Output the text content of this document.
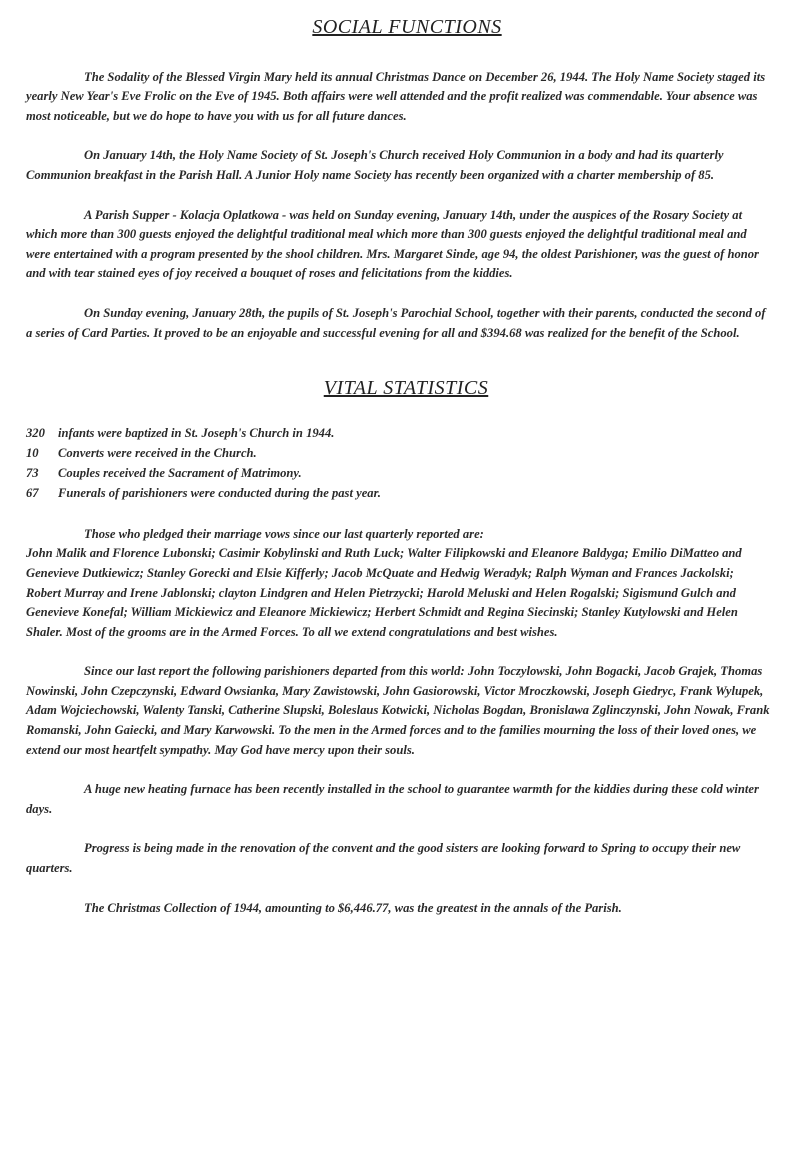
SOCIAL FUNCTIONS

The Sodality of the Blessed Virgin Mary held its annual Christmas Dance on December 26, 1944. The Holy Name Society staged its yearly New Year's Eve Frolic on the Eve of 1945. Both affairs were well attended and the profit realized was commendable. Your absence was most noticeable, but we do hope to have you with us for all future dances.

On January 14th, the Holy Name Society of St. Joseph's Church received Holy Communion in a body and had its quarterly Communion breakfast in the Parish Hall. A Junior Holy name Society has recently been organized with a charter membership of 85.

A Parish Supper - Kolacja Oplatkowa - was held on Sunday evening, January 14th, under the auspices of the Rosary Society at which more than 300 guests enjoyed the delightful traditional meal which more than 300 guests enjoyed the delightful traditional meal and were entertained with a program presented by the shool children. Mrs. Margaret Sinde, age 94, the oldest Parishioner, was the guest of honor and with tear stained eyes of joy received a bouquet of roses and felicitations from the kiddies.

On Sunday evening, January 28th, the pupils of St. Joseph's Parochial School, together with their parents, conducted the second of a series of Card Parties. It proved to be an enjoyable and successful evening for all and $394.68 was realized for the benefit of the School.

VITAL STATISTICS
320	infants were baptized in St. Joseph's Church in 1944.
10	Converts were received in the Church.
73	Couples received the Sacrament of Matrimony.
67	Funerals of parishioners were conducted during the past year.

Those who pledged their marriage vows since our last quarterly reported are:
John Malik and Florence Lubonski; Casimir Kobylinski and Ruth Luck; Walter Filipkowski and Eleanore Baldyga; Emilio DiMatteo and Genevieve Dutkiewicz; Stanley Gorecki and Elsie Kifferly; Jacob McQuate and Hedwig Weradyk; Ralph Wyman and Frances Jackolski; Robert Murray and Irene Jablonski; clayton Lindgren and Helen Pietrzycki; Harold Meluski and Helen Rogalski; Sigismund Gulch and Genevieve Konefal; William Mickiewicz and Eleanore Mickiewicz; Herbert Schmidt and Regina Siecinski; Stanley Kutylowski and Helen Shaler. Most of the grooms are in the Armed Forces. To all we extend congratulations and best wishes.

Since our last report the following parishioners departed from this world: John Toczylowski, John Bogacki, Jacob Grajek, Thomas Nowinski, John Czepczynski, Edward Owsianka, Mary Zawistowski, John Gasiorowski, Victor Mroczkowski, Joseph Giedryc, Frank Wylupek, Adam Wojciechowski, Walenty Tanski, Catherine Slupski, Boleslaus Kotwicki, Nicholas Bogdan, Bronislawa Zglinczynski, John Nowak, Frank Romanski, John Gaiecki, and Mary Karwowski. To the men in the Armed forces and to the families mourning the loss of their loved ones, we extend our most heartfelt sympathy. May God have mercy upon their souls.

A huge new heating furnace has been recently installed in the school to guarantee warmth for the kiddies during these cold winter days.

Progress is being made in the renovation of the convent and the good sisters are looking forward to Spring to occupy their new quarters.

The Christmas Collection of 1944, amounting to $6,446.77, was the greatest in the annals of the Parish.
